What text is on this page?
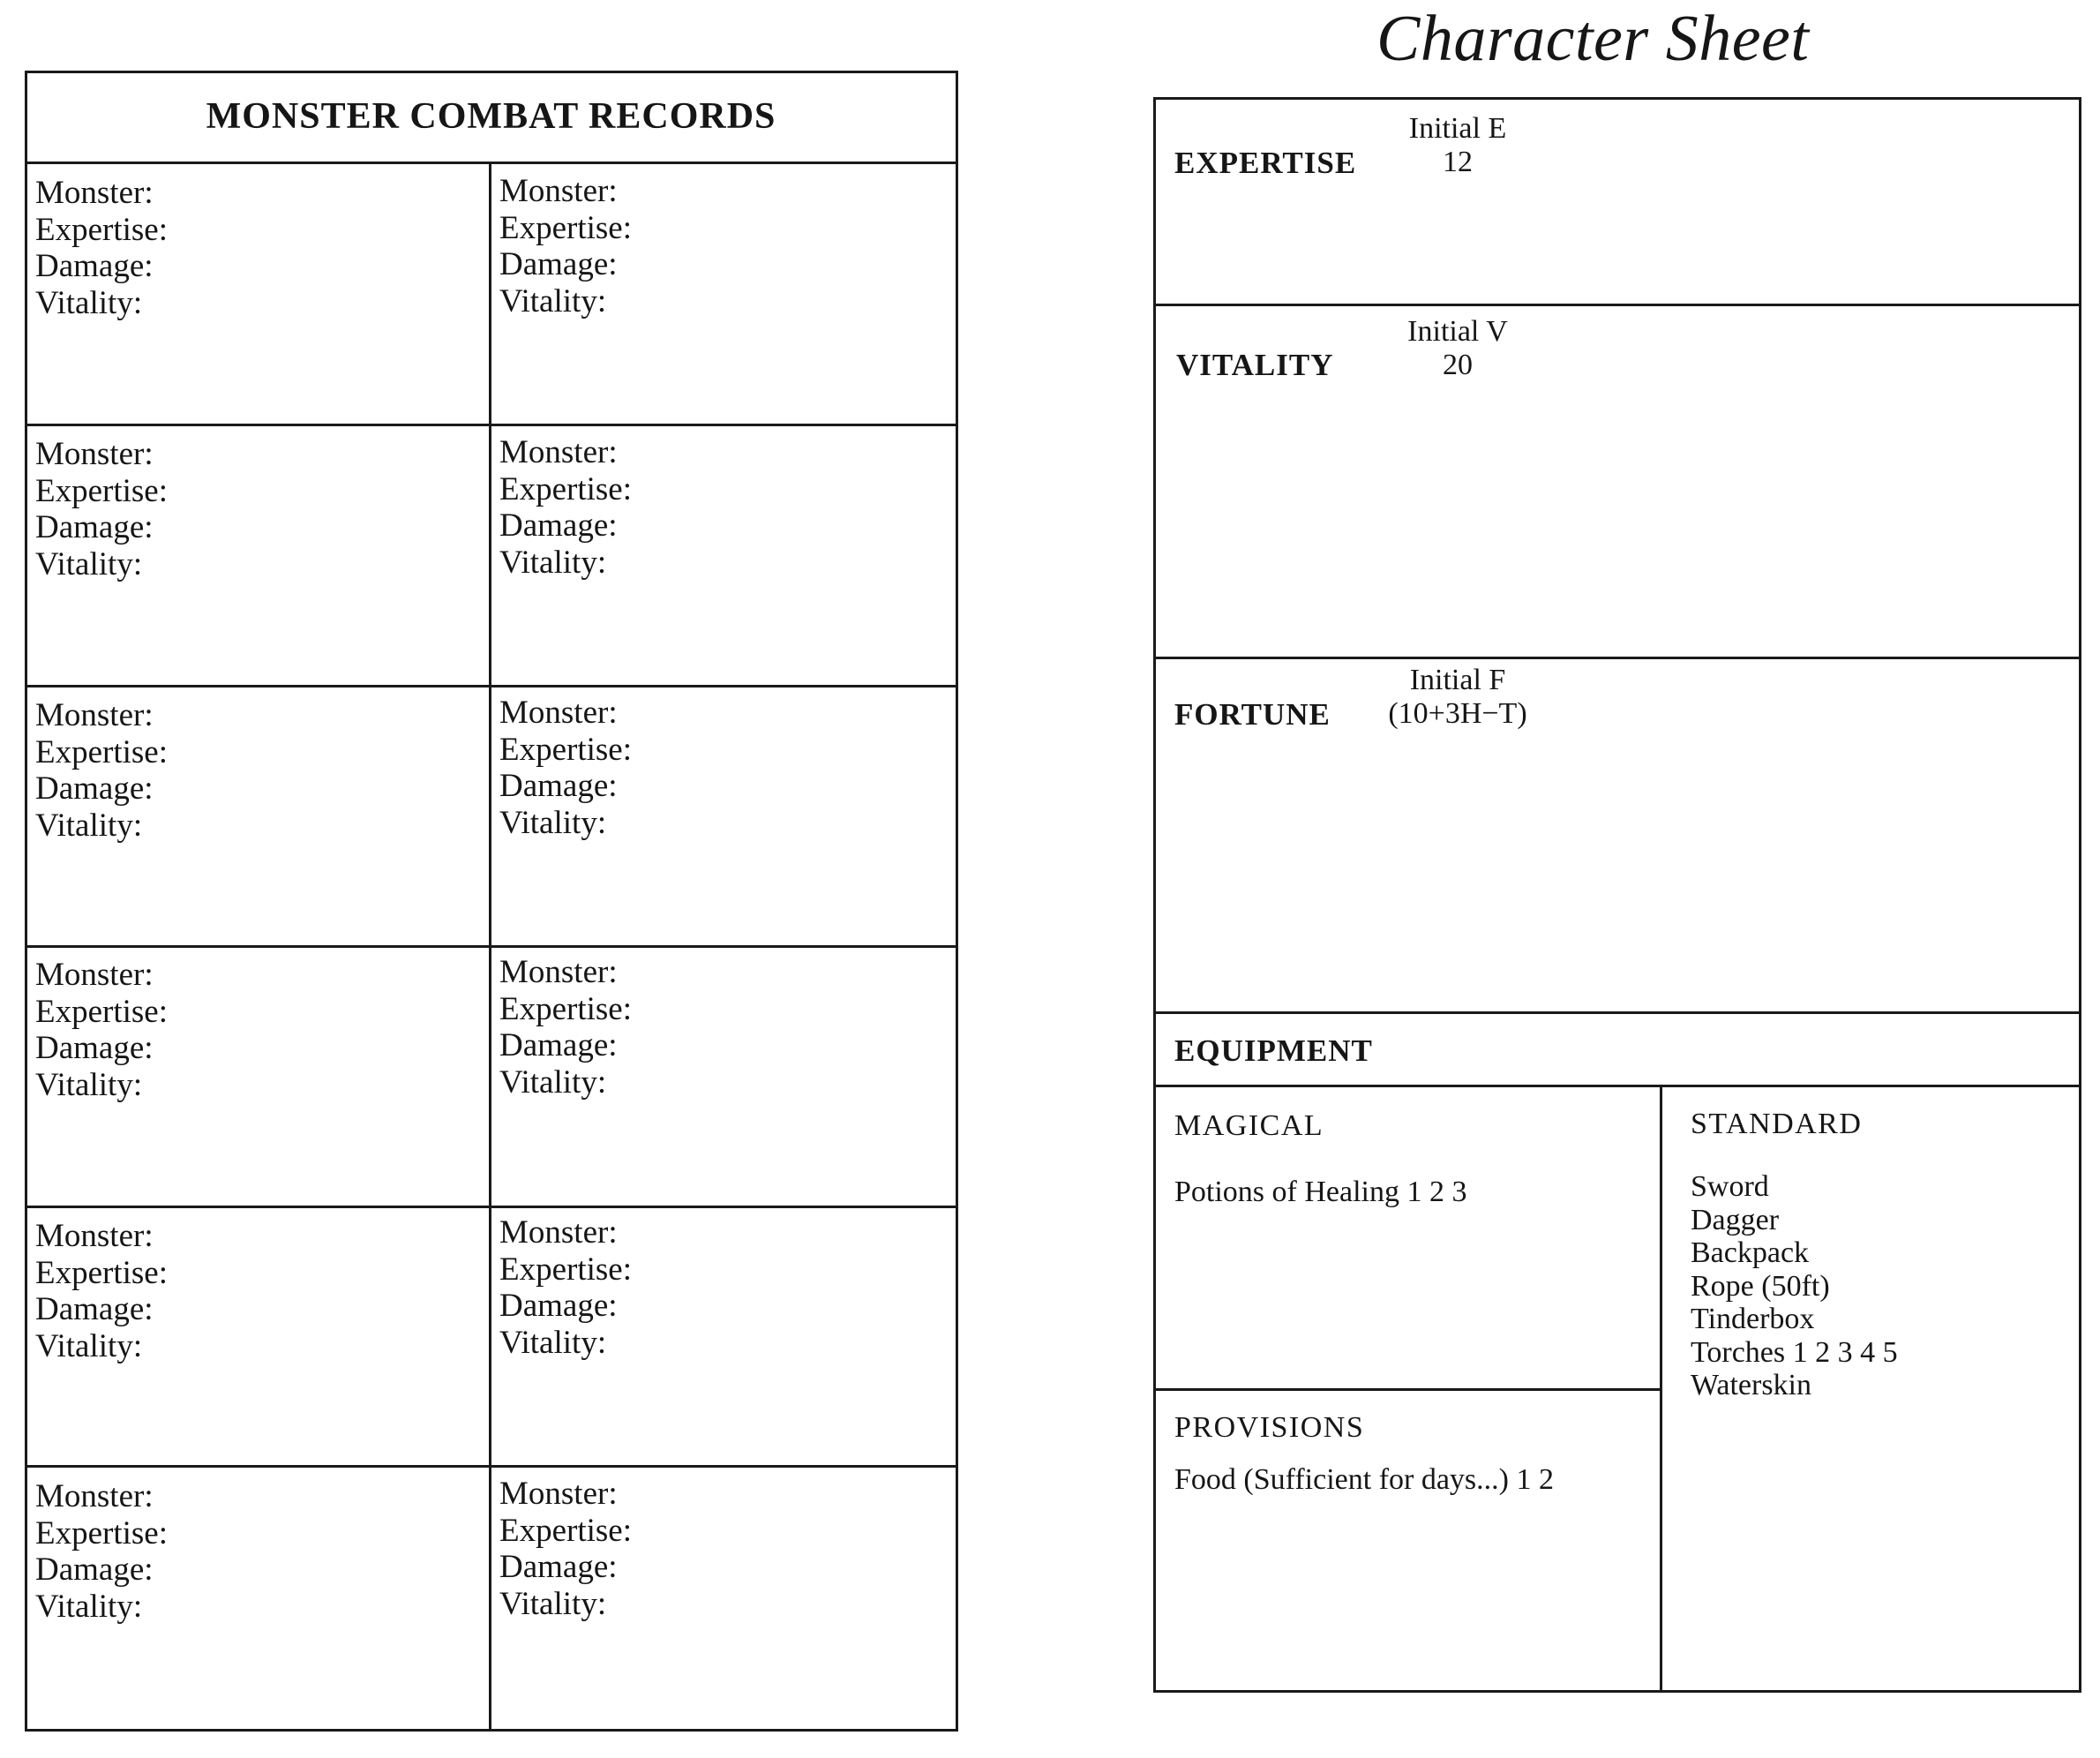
MONSTER COMBAT RECORDS
Monster:
Expertise:
Damage:
Vitality:
Monster:
Expertise:
Damage:
Vitality:
Monster:
Expertise:
Damage:
Vitality:
Monster:
Expertise:
Damage:
Vitality:
Monster:
Expertise:
Damage:
Vitality:
Monster:
Expertise:
Damage:
Vitality:
Monster:
Expertise:
Damage:
Vitality:
Monster:
Expertise:
Damage:
Vitality:
Monster:
Expertise:
Damage:
Vitality:
Monster:
Expertise:
Damage:
Vitality:
Monster:
Expertise:
Damage:
Vitality:
Monster:
Expertise:
Damage:
Vitality:
Character Sheet
EXPERTISE
Initial E
12
VITALITY
Initial V
20
FORTUNE
Initial F
(10+3H−T)
EQUIPMENT
MAGICAL
Potions of Healing 1 2 3
PROVISIONS
Food (Sufficient for days...) 1 2
STANDARD
Sword
Dagger
Backpack
Rope (50ft)
Tinderbox
Torches 1 2 3 4 5
Waterskin
